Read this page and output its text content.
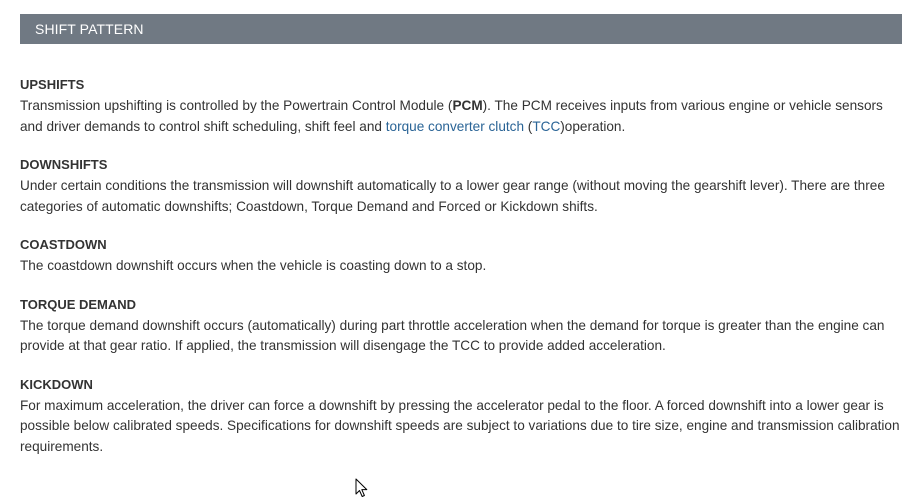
SHIFT PATTERN
UPSHIFTS

Transmission upshifting is controlled by the Powertrain Control Module (PCM). The PCM receives inputs from various engine or vehicle sensors and driver demands to control shift scheduling, shift feel and torque converter clutch (TCC)operation.

DOWNSHIFTS

Under certain conditions the transmission will downshift automatically to a lower gear range (without moving the gearshift lever). There are three categories of automatic downshifts; Coastdown, Torque Demand and Forced or Kickdown shifts.

COASTDOWN

The coastdown downshift occurs when the vehicle is coasting down to a stop.

TORQUE DEMAND

The torque demand downshift occurs (automatically) during part throttle acceleration when the demand for torque is greater than the engine can provide at that gear ratio. If applied, the transmission will disengage the TCC to provide added acceleration.

KICKDOWN

For maximum acceleration, the driver can force a downshift by pressing the accelerator pedal to the floor. A forced downshift into a lower gear is possible below calibrated speeds. Specifications for downshift speeds are subject to variations due to tire size, engine and transmission calibration requirements.
